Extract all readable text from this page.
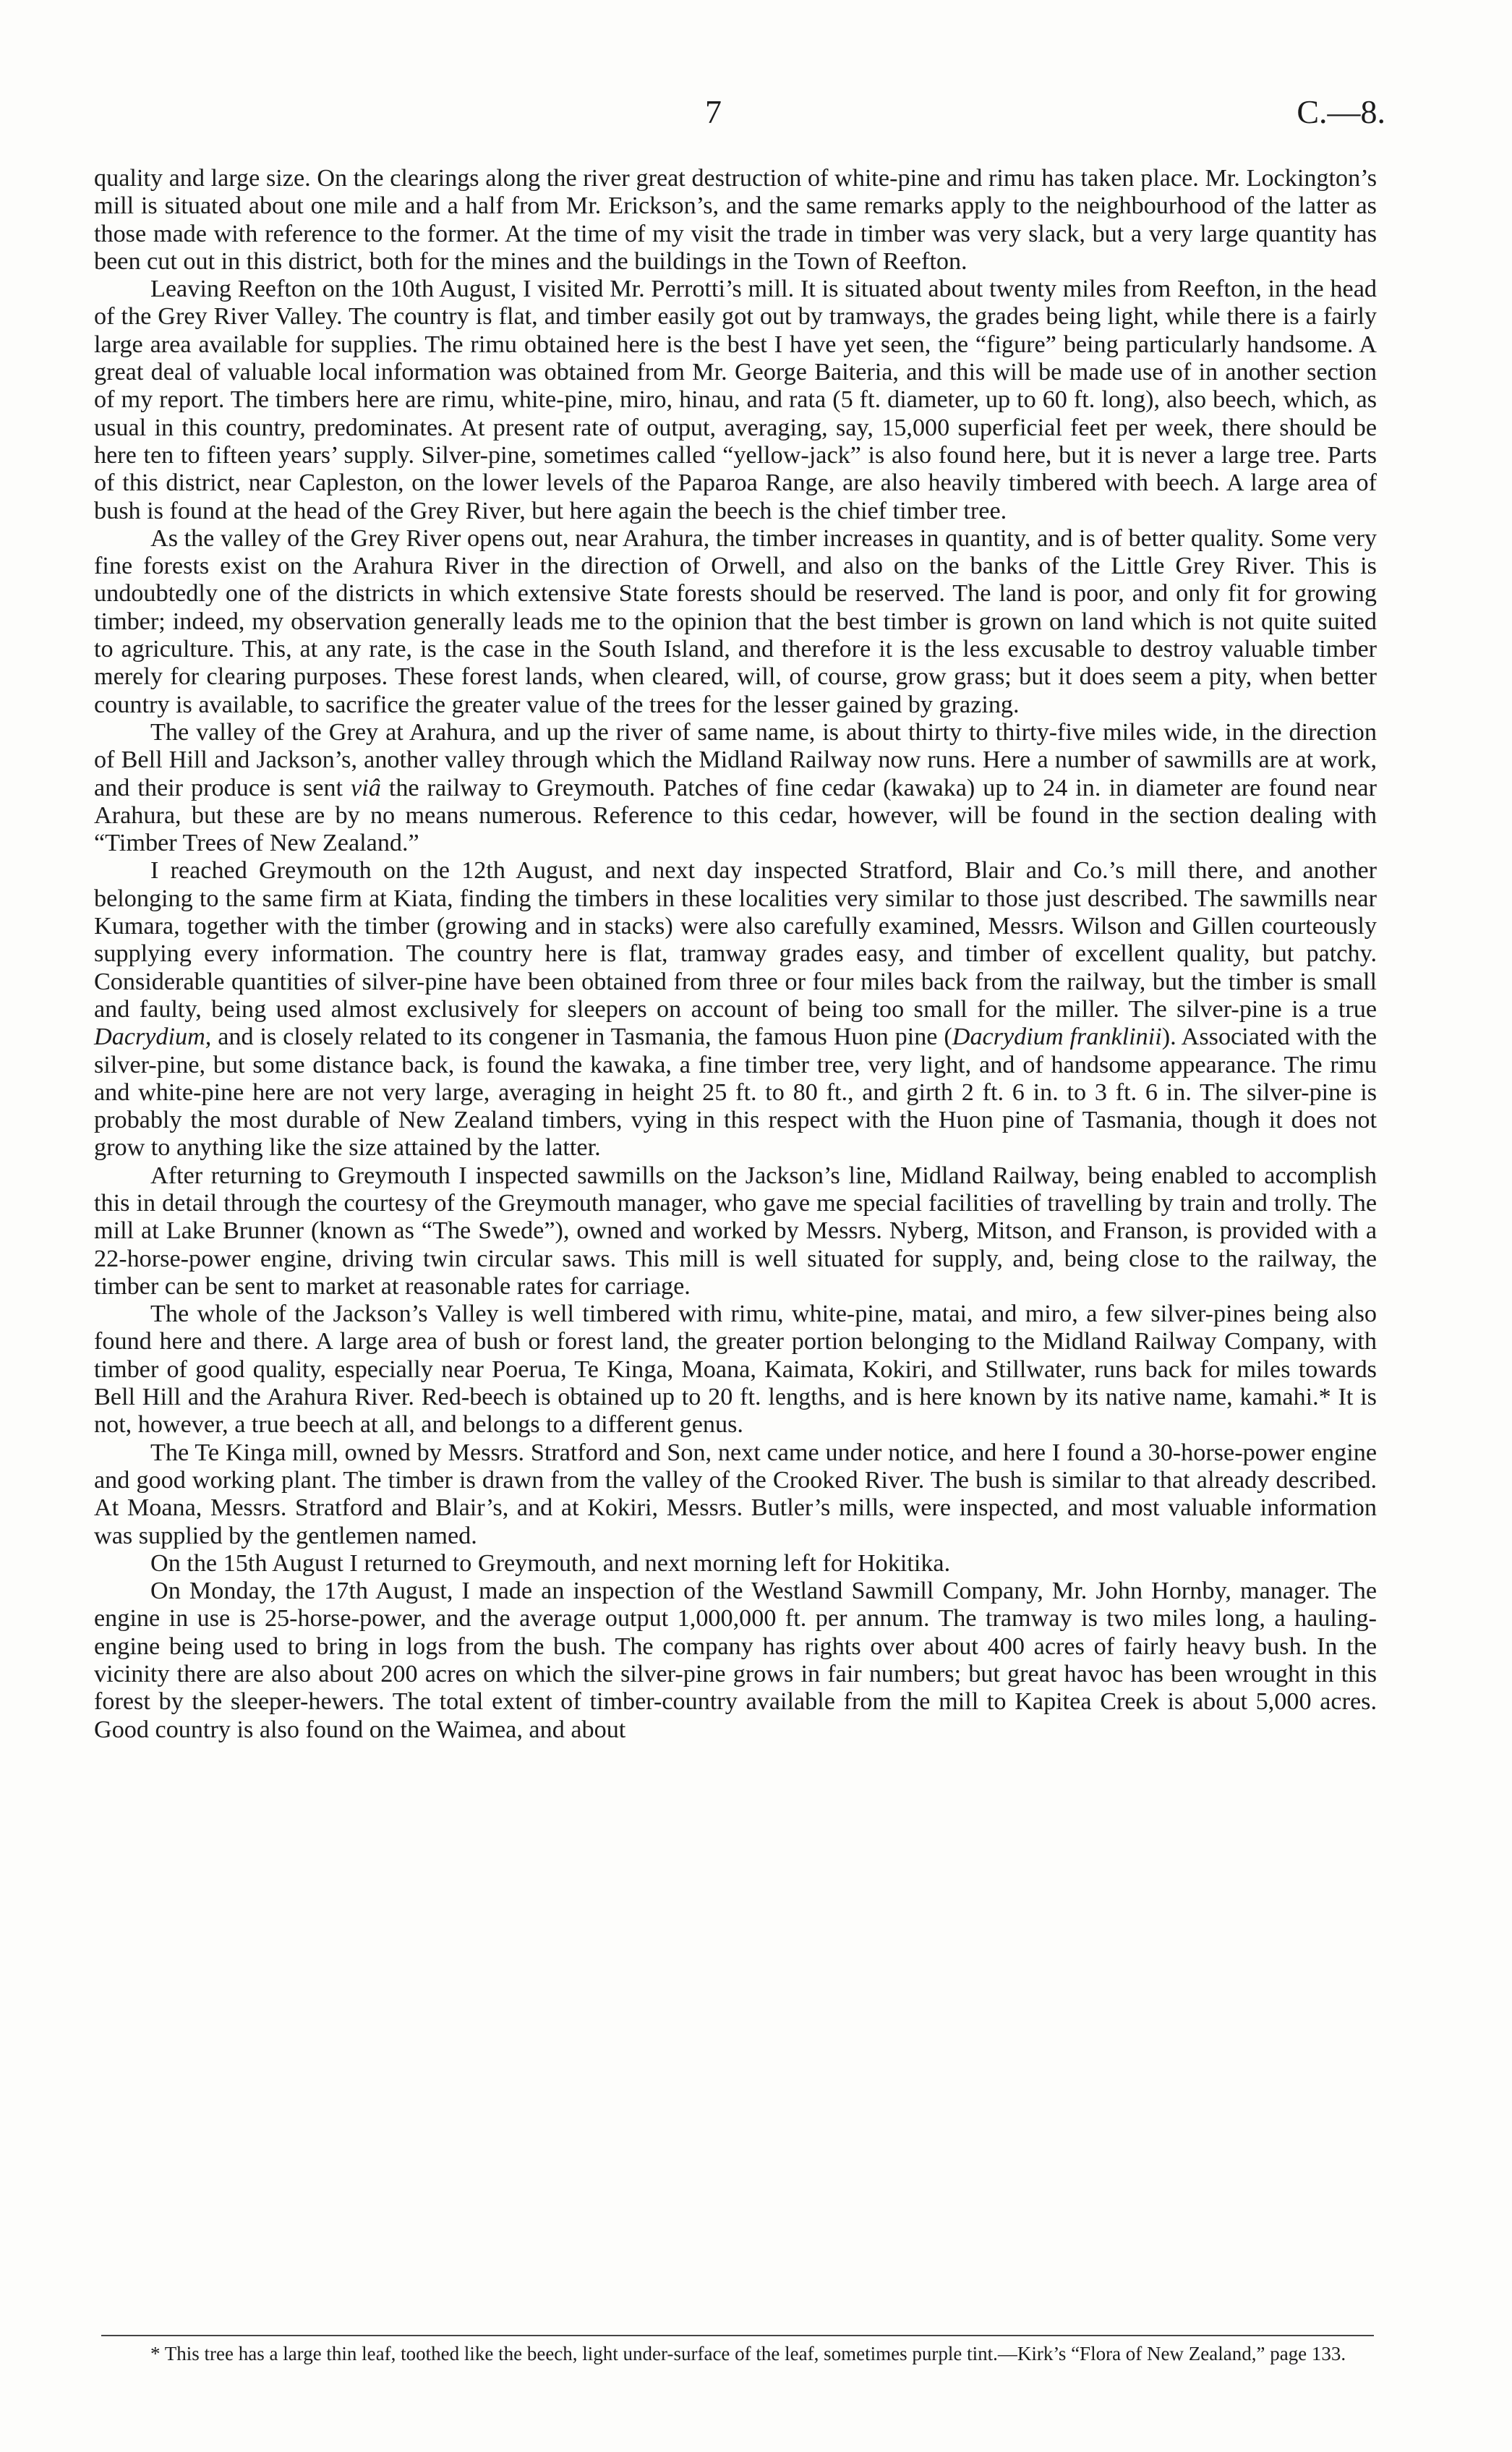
7	C.—8.

quality and large size. On the clearings along the river great destruction of white-pine and rimu has taken place. Mr. Lockington’s mill is situated about one mile and a half from Mr. Erickson’s, and the same remarks apply to the neighbourhood of the latter as those made with reference to the former. At the time of my visit the trade in timber was very slack, but a very large quantity has been cut out in this district, both for the mines and the buildings in the Town of Reefton.

Leaving Reefton on the 10th August, I visited Mr. Perrotti’s mill. It is situated about twenty miles from Reefton, in the head of the Grey River Valley. The country is flat, and timber easily got out by tramways, the grades being light, while there is a fairly large area available for supplies. The rimu obtained here is the best I have yet seen, the “figure” being particularly handsome. A great deal of valuable local information was obtained from Mr. George Baiteria, and this will be made use of in another section of my report. The timbers here are rimu, white-pine, miro, hinau, and rata (5 ft. diameter, up to 60 ft. long), also beech, which, as usual in this country, predominates. At present rate of output, averaging, say, 15,000 superficial feet per week, there should be here ten to fifteen years’ supply. Silver-pine, sometimes called “yellow-jack” is also found here, but it is never a large tree. Parts of this district, near Capleston, on the lower levels of the Paparoa Range, are also heavily timbered with beech. A large area of bush is found at the head of the Grey River, but here again the beech is the chief timber tree.

As the valley of the Grey River opens out, near Arahura, the timber increases in quantity, and is of better quality. Some very fine forests exist on the Arahura River in the direction of Orwell, and also on the banks of the Little Grey River. This is undoubtedly one of the districts in which extensive State forests should be reserved. The land is poor, and only fit for growing timber; indeed, my observation generally leads me to the opinion that the best timber is grown on land which is not quite suited to agriculture. This, at any rate, is the case in the South Island, and therefore it is the less excusable to destroy valuable timber merely for clearing purposes. These forest lands, when cleared, will, of course, grow grass; but it does seem a pity, when better country is available, to sacrifice the greater value of the trees for the lesser gained by grazing.

The valley of the Grey at Arahura, and up the river of same name, is about thirty to thirty-five miles wide, in the direction of Bell Hill and Jackson’s, another valley through which the Midland Railway now runs. Here a number of sawmills are at work, and their produce is sent viâ the railway to Greymouth. Patches of fine cedar (kawaka) up to 24 in. in diameter are found near Arahura, but these are by no means numerous. Reference to this cedar, however, will be found in the section dealing with “Timber Trees of New Zealand.”

I reached Greymouth on the 12th August, and next day inspected Stratford, Blair and Co.’s mill there, and another belonging to the same firm at Kiata, finding the timbers in these localities very similar to those just described. The sawmills near Kumara, together with the timber (growing and in stacks) were also carefully examined, Messrs. Wilson and Gillen courteously supplying every information. The country here is flat, tramway grades easy, and timber of excellent quality, but patchy. Considerable quantities of silver-pine have been obtained from three or four miles back from the railway, but the timber is small and faulty, being used almost exclusively for sleepers on account of being too small for the miller. The silver-pine is a true Dacrydium, and is closely related to its congener in Tasmania, the famous Huon pine (Dacrydium franklinii). Associated with the silver-pine, but some distance back, is found the kawaka, a fine timber tree, very light, and of handsome appearance. The rimu and white-pine here are not very large, averaging in height 25 ft. to 80 ft., and girth 2 ft. 6 in. to 3 ft. 6 in. The silver-pine is probably the most durable of New Zealand timbers, vying in this respect with the Huon pine of Tasmania, though it does not grow to anything like the size attained by the latter.

After returning to Greymouth I inspected sawmills on the Jackson’s line, Midland Railway, being enabled to accomplish this in detail through the courtesy of the Greymouth manager, who gave me special facilities of travelling by train and trolly. The mill at Lake Brunner (known as “The Swede”), owned and worked by Messrs. Nyberg, Mitson, and Franson, is provided with a 22-horse-power engine, driving twin circular saws. This mill is well situated for supply, and, being close to the railway, the timber can be sent to market at reasonable rates for carriage.

The whole of the Jackson’s Valley is well timbered with rimu, white-pine, matai, and miro, a few silver-pines being also found here and there. A large area of bush or forest land, the greater portion belonging to the Midland Railway Company, with timber of good quality, especially near Poerua, Te Kinga, Moana, Kaimata, Kokiri, and Stillwater, runs back for miles towards Bell Hill and the Arahura River. Red-beech is obtained up to 20 ft. lengths, and is here known by its native name, kamahi.* It is not, however, a true beech at all, and belongs to a different genus.

The Te Kinga mill, owned by Messrs. Stratford and Son, next came under notice, and here I found a 30-horse-power engine and good working plant. The timber is drawn from the valley of the Crooked River. The bush is similar to that already described. At Moana, Messrs. Stratford and Blair’s, and at Kokiri, Messrs. Butler’s mills, were inspected, and most valuable information was supplied by the gentlemen named.

On the 15th August I returned to Greymouth, and next morning left for Hokitika.

On Monday, the 17th August, I made an inspection of the Westland Sawmill Company, Mr. John Hornby, manager. The engine in use is 25-horse-power, and the average output 1,000,000 ft. per annum. The tramway is two miles long, a hauling-engine being used to bring in logs from the bush. The company has rights over about 400 acres of fairly heavy bush. In the vicinity there are also about 200 acres on which the silver-pine grows in fair numbers; but great havoc has been wrought in this forest by the sleeper-hewers. The total extent of timber-country available from the mill to Kapitea Creek is about 5,000 acres. Good country is also found on the Waimea, and about

* This tree has a large thin leaf, toothed like the beech, light under-surface of the leaf, sometimes purple tint.—Kirk’s “Flora of New Zealand,” page 133.
